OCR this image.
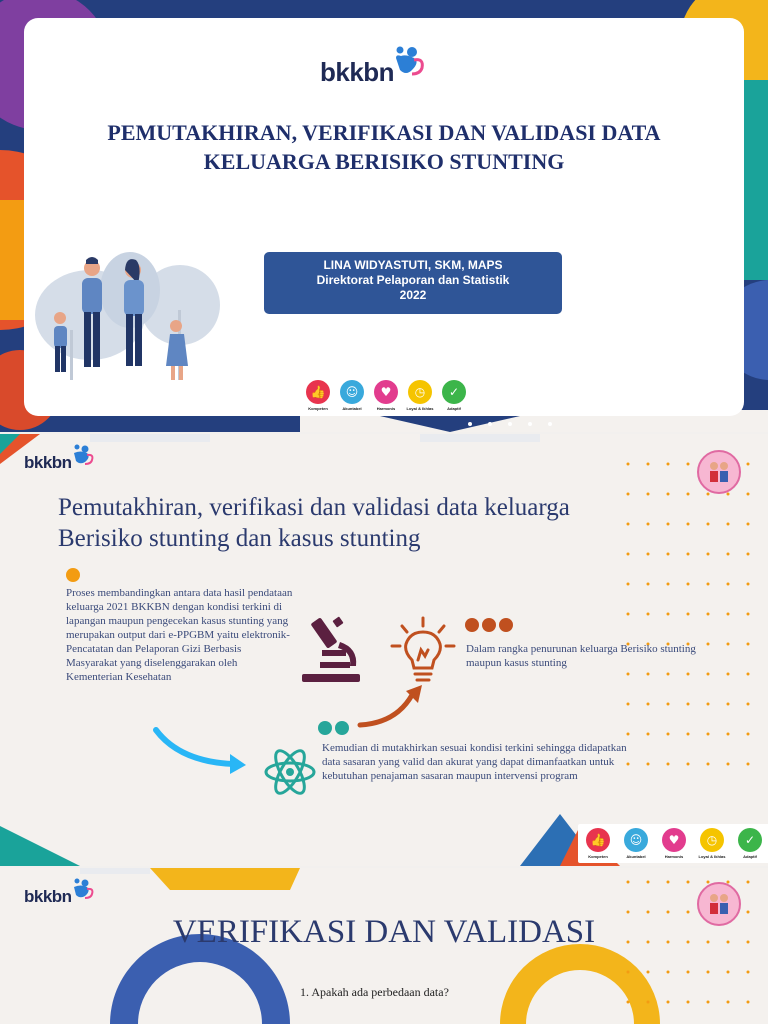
bkkbn
PEMUTAKHIRAN, VERIFIKASI DAN VALIDASI DATA
KELUARGA BERISIKO STUNTING
LINA WIDYASTUTI, SKM, MAPS
Direktorat Pelaporan dan Statistik
2022
👍
Kompeten
☺
Akuntabel
♥
Harmonis
◷
Loyal & Ikhlas
✓
Adaptif
bkkbn
Pemutakhiran, verifikasi dan validasi data keluarga
Berisiko stunting dan kasus stunting
Proses membandingkan antara data hasil pendataan keluarga 2021 BKKBN dengan kondisi terkini di lapangan maupun pengecekan kasus stunting yang merupakan output dari e-PPGBM yaitu elektronik-Pencatatan dan Pelaporan Gizi Berbasis Masyarakat yang diselenggarakan oleh Kementerian Kesehatan
Dalam rangka penurunan keluarga Berisiko stunting maupun kasus stunting
Kemudian di mutakhirkan sesuai kondisi terkini sehingga didapatkan data sasaran yang valid dan akurat yang dapat dimanfaatkan untuk kebutuhan penajaman sasaran maupun intervensi program
👍
Kompeten
☺
Akuntabel
♥
Harmonis
◷
Loyal & Ikhlas
✓
Adaptif
bkkbn
VERIFIKASI DAN VALIDASI
1. Apakah ada perbedaan data?
